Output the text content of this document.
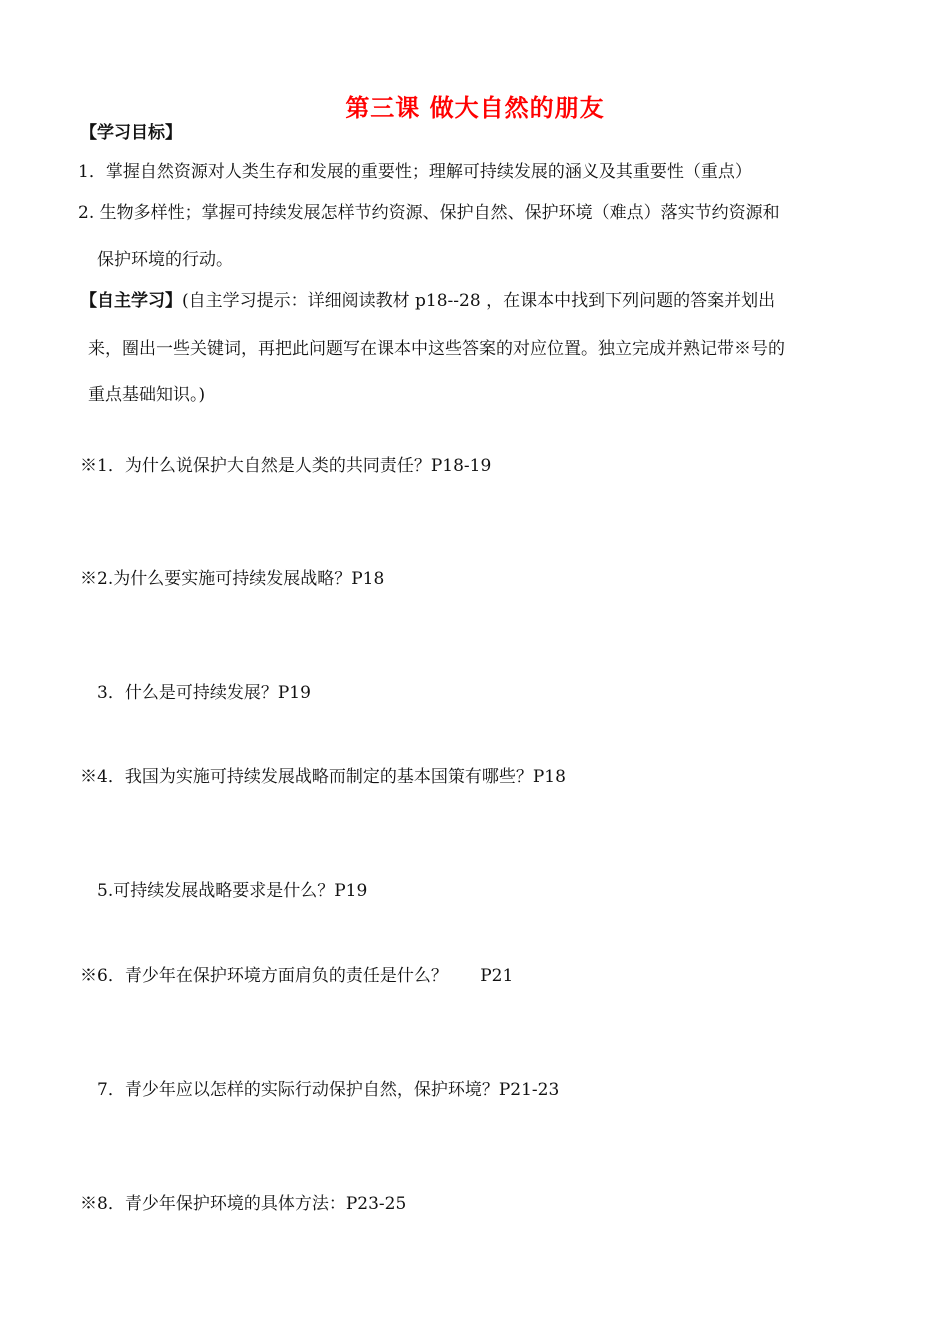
第三课 做大自然的朋友
【学习目标】
1．掌握自然资源对人类生存和发展的重要性；理解可持续发展的涵义及其重要性（重点）
2. 生物多样性；掌握可持续发展怎样节约资源、保护自然、保护环境（难点）落实节约资源和
保护环境的行动。
【自主学习】(自主学习提示：详细阅读教材 p18--28 ，在课本中找到下列问题的答案并划出
来，圈出一些关键词，再把此问题写在课本中这些答案的对应位置。独立完成并熟记带※号的
重点基础知识。)
※1．为什么说保护大自然是人类的共同责任？P18-19
※2.为什么要实施可持续发展战略？P18
3．什么是可持续发展？P19
※4．我国为实施可持续发展战略而制定的基本国策有哪些？P18
5.可持续发展战略要求是什么？P19
※6．青少年在保护环境方面肩负的责任是什么？      P21
7．青少年应以怎样的实际行动保护自然，保护环境？P21-23
※8．青少年保护环境的具体方法：P23-25
